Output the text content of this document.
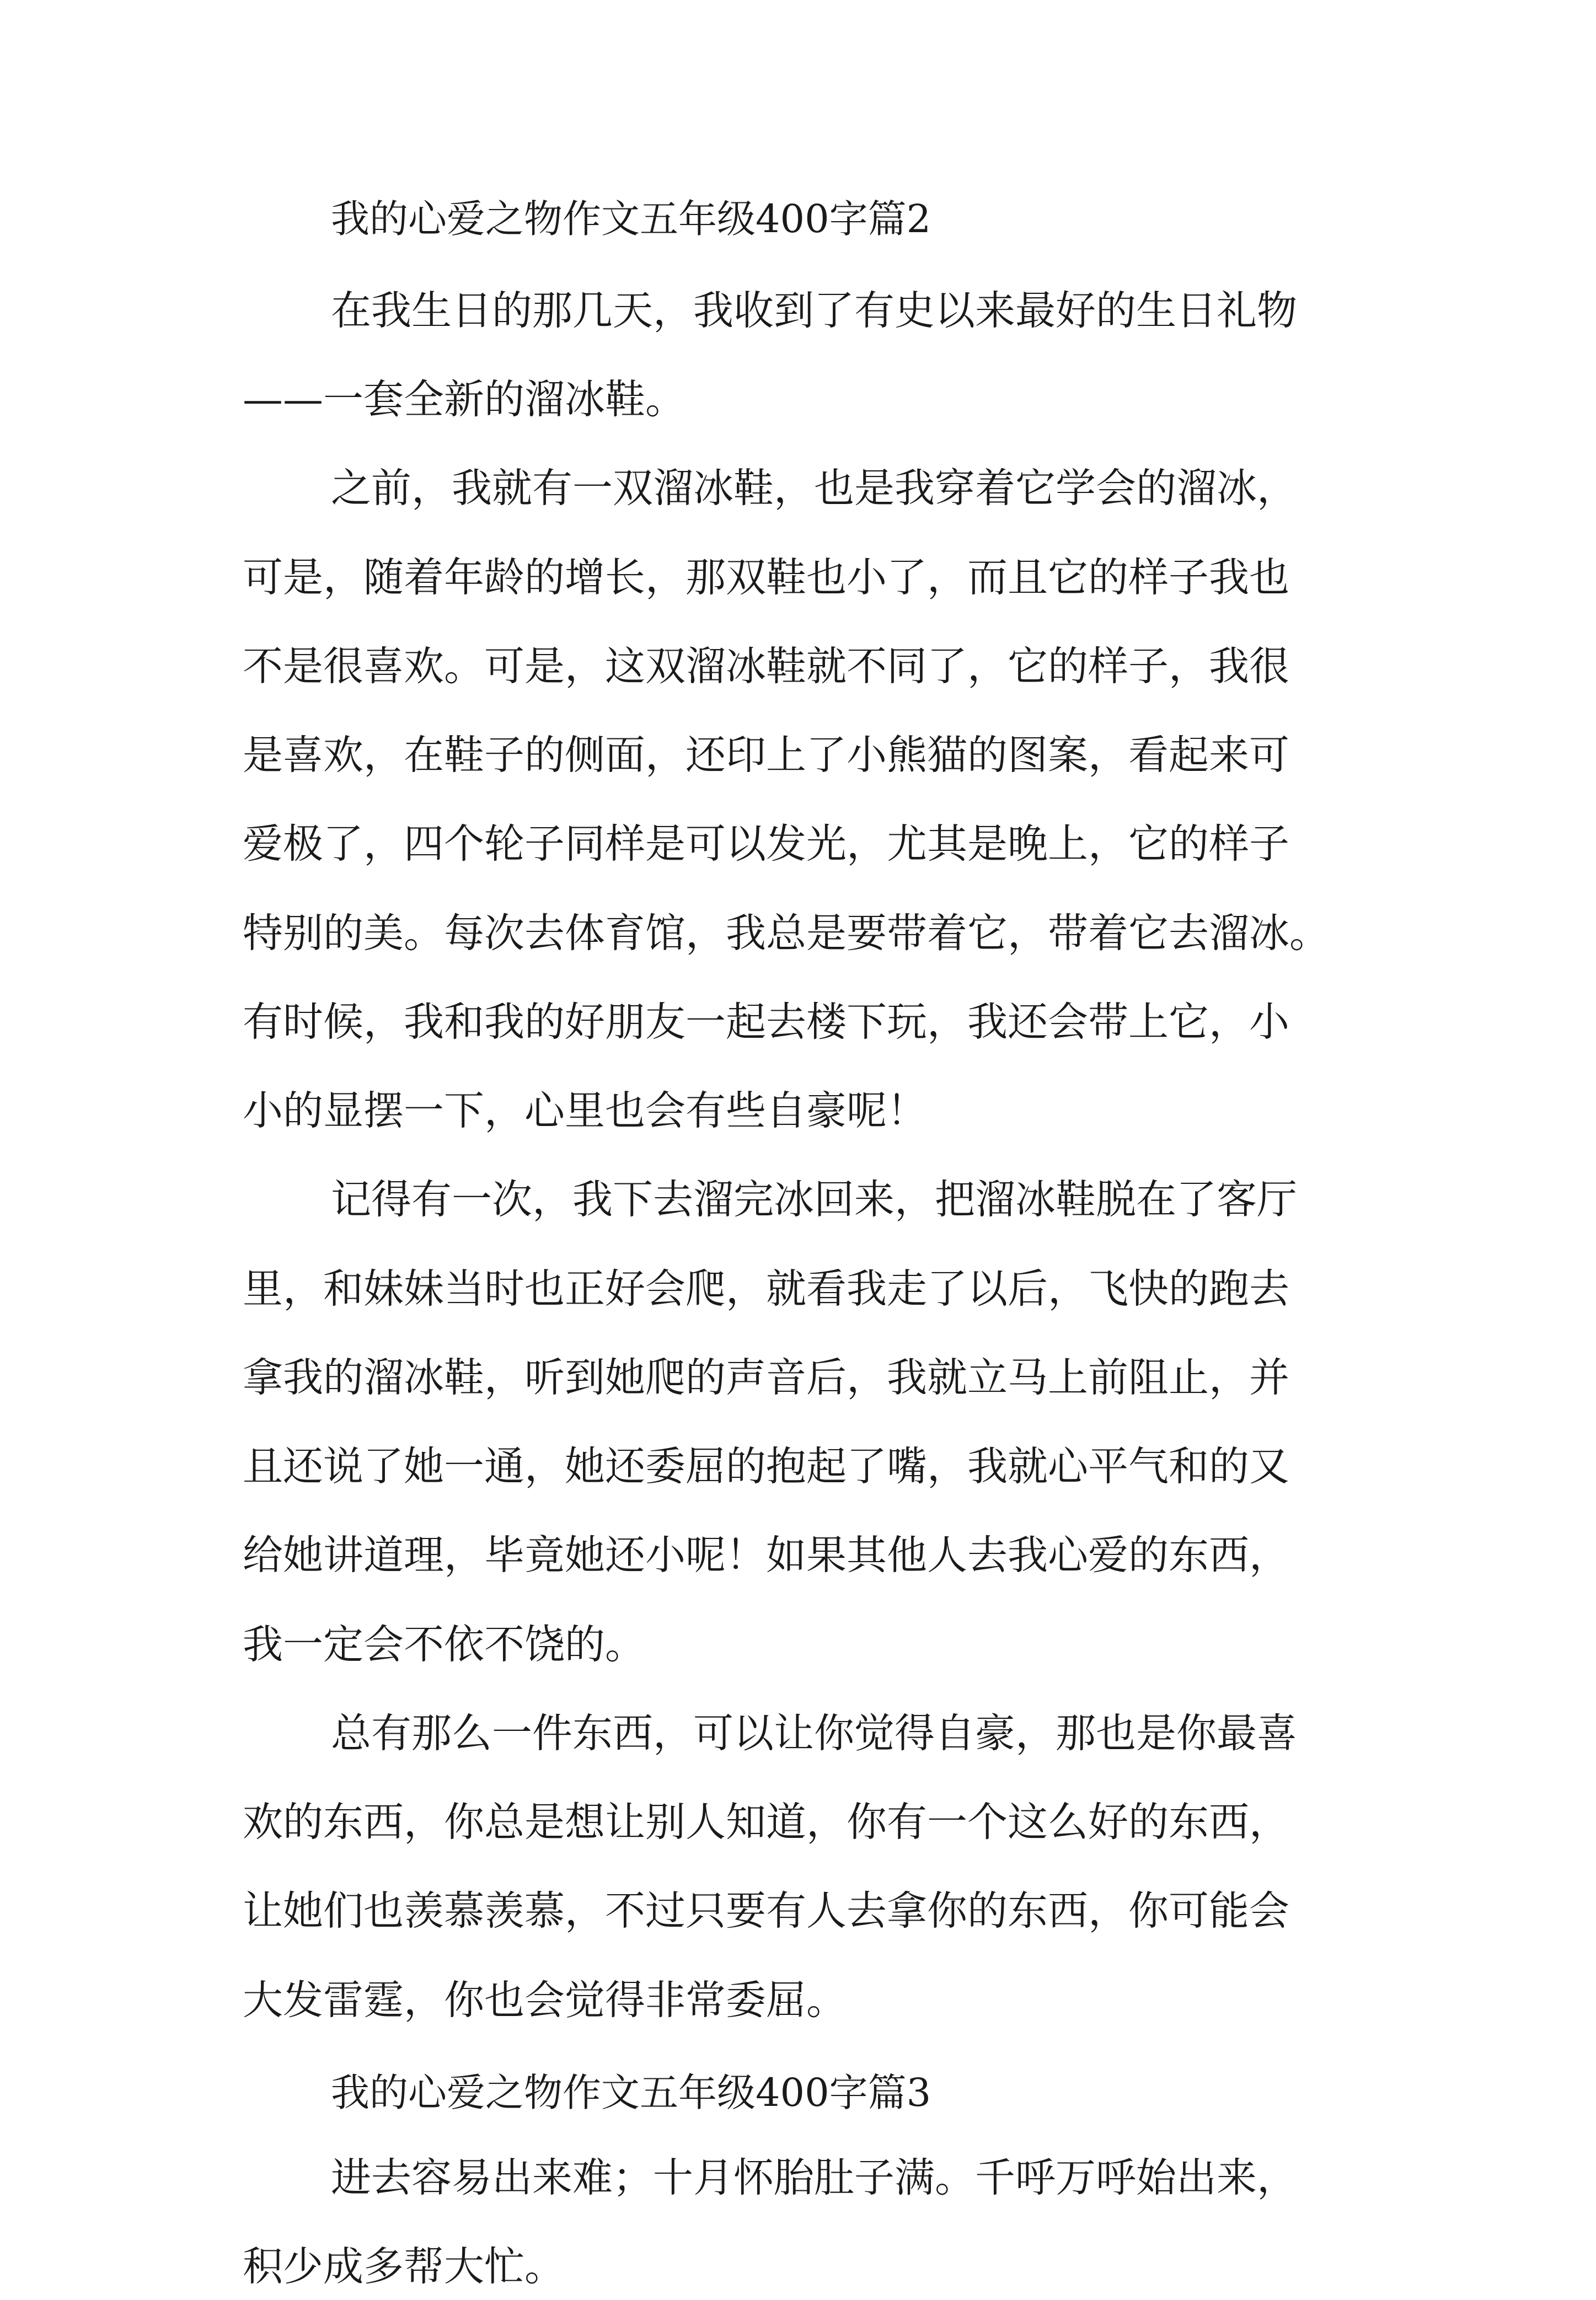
我的心爱之物作文五年级400字篇2
在我生日的那几天，我收到了有史以来最好的生日礼物
——一套全新的溜冰鞋。
之前，我就有一双溜冰鞋，也是我穿着它学会的溜冰，
可是，随着年龄的增长，那双鞋也小了，而且它的样子我也
不是很喜欢。可是，这双溜冰鞋就不同了，它的样子，我很
是喜欢，在鞋子的侧面，还印上了小熊猫的图案，看起来可
爱极了，四个轮子同样是可以发光，尤其是晚上，它的样子
特别的美。每次去体育馆，我总是要带着它，带着它去溜冰。
有时候，我和我的好朋友一起去楼下玩，我还会带上它，小
小的显摆一下，心里也会有些自豪呢！
记得有一次，我下去溜完冰回来，把溜冰鞋脱在了客厅
里，和妹妹当时也正好会爬，就看我走了以后，飞快的跑去
拿我的溜冰鞋，听到她爬的声音后，我就立马上前阻止，并
且还说了她一通，她还委屈的抱起了嘴，我就心平气和的又
给她讲道理，毕竟她还小呢！如果其他人去我心爱的东西，
我一定会不依不饶的。
总有那么一件东西，可以让你觉得自豪，那也是你最喜
欢的东西，你总是想让别人知道，你有一个这么好的东西，
让她们也羡慕羡慕，不过只要有人去拿你的东西，你可能会
大发雷霆，你也会觉得非常委屈。
我的心爱之物作文五年级400字篇3
进去容易出来难；十月怀胎肚子满。千呼万呼始出来，
积少成多帮大忙。
